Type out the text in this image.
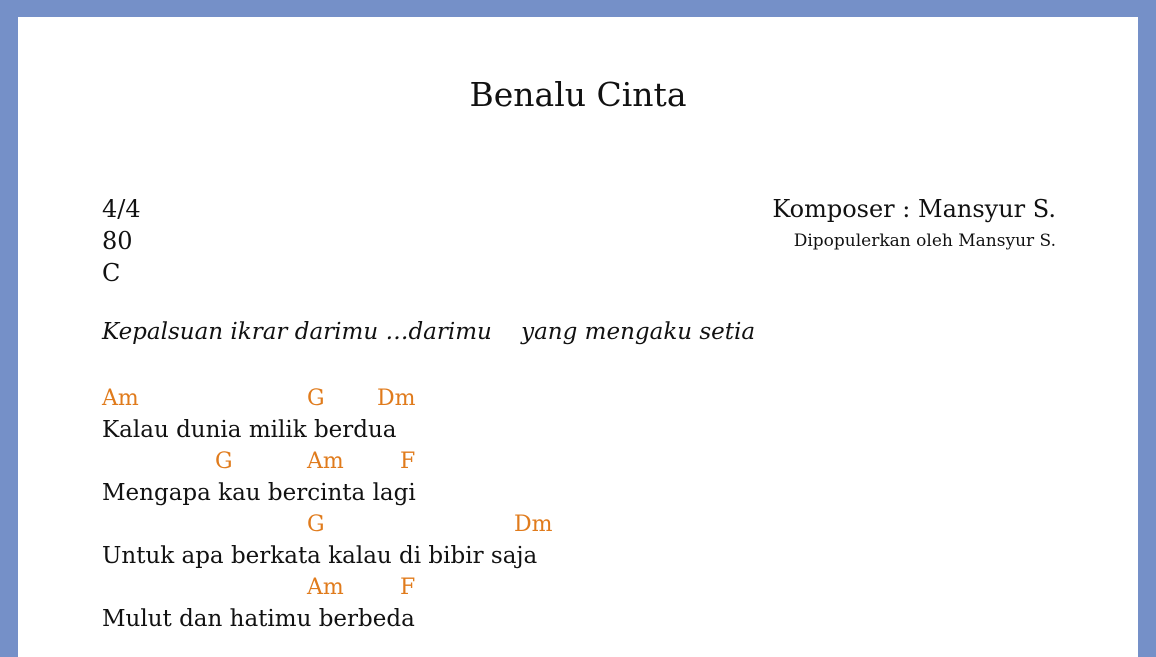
Benalu Cinta
4/4
80
C
Komposer : Mansyur S.
Dipopulerkan oleh Mansyur S.
Kepalsuan ikrar darimu …darimu    yang mengaku setia
Am	G Dm
Kalau dunia milik berdua
G	Am	F
Mengapa kau bercinta lagi
G	Dm
Untuk apa berkata kalau di bibir saja
Am	F
Mulut dan hatimu berbeda
